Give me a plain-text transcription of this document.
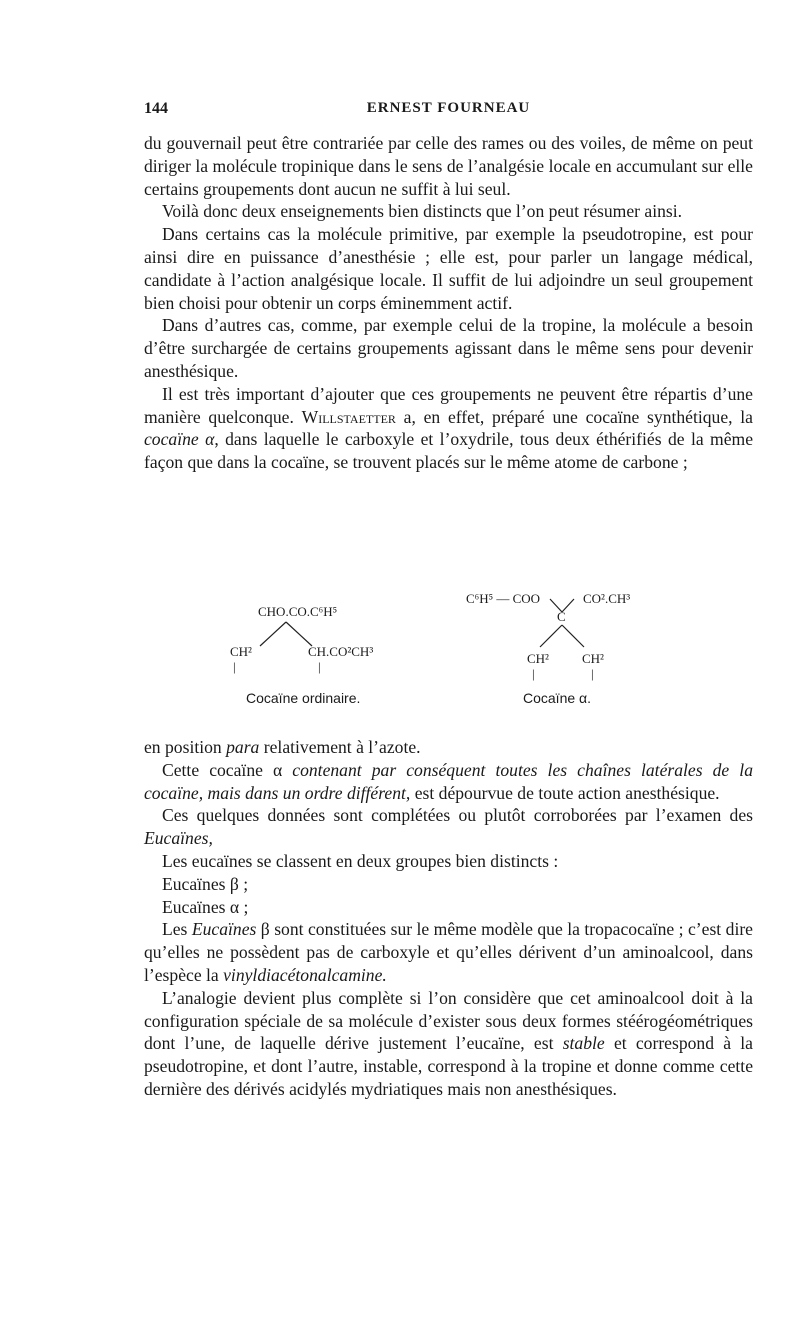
144	ERNEST FOURNEAU

du gouvernail peut être contrariée par celle des rames ou des voiles, de même on peut diriger la molécule tropinique dans le sens de l’analgésie locale en accumulant sur elle certains groupements dont aucun ne suffit à lui seul.

Voilà donc deux enseignements bien distincts que l’on peut résumer ainsi.

Dans certains cas la molécule primitive, par exemple la pseudotropine, est pour ainsi dire en puissance d’anesthésie ; elle est, pour parler un langage médical, candidate à l’action analgésique locale. Il suffit de lui adjoindre un seul groupement bien choisi pour obtenir un corps éminemment actif.

Dans d’autres cas, comme, par exemple celui de la tropine, la molécule a besoin d’être surchargée de certains groupements agissant dans le même sens pour devenir anesthésique.

Il est très important d’ajouter que ces groupements ne peuvent être répartis d’une manière quelconque. Willstaetter a, en effet, préparé une cocaïne synthétique, la cocaïne α, dans laquelle le carboxyle et l’oxydrile, tous deux éthérifiés de la même façon que dans la cocaïne, se trouvent placés sur le même atome de carbone ;

CHO.CO.C⁶H⁵
CH²	CH.CO²CH³
|	|
Cocaïne ordinaire.
C⁶H⁵ — COO	CO².CH³
C
CH²	CH²
|	|
Cocaïne α.

en position para relativement à l’azote.

Cette cocaïne α contenant par conséquent toutes les chaînes latérales de la cocaïne, mais dans un ordre différent, est dépourvue de toute action anesthésique.

Ces quelques données sont complétées ou plutôt corroborées par l’examen des Eucaïnes,

Les eucaïnes se classent en deux groupes bien distincts :

Eucaïnes β ;

Eucaïnes α ;

Les Eucaïnes β sont constituées sur le même modèle que la tropacocaïne ; c’est dire qu’elles ne possèdent pas de carboxyle et qu’elles dérivent d’un aminoalcool, dans l’espèce la vinyldiacétonalcamine.

L’analogie devient plus complète si l’on considère que cet aminoalcool doit à la configuration spéciale de sa molécule d’exister sous deux formes stéérogéométriques dont l’une, de laquelle dérive justement l’eucaïne, est stable et correspond à la pseudotropine, et dont l’autre, instable, correspond à la tropine et donne comme cette dernière des dérivés acidylés mydriatiques mais non anesthésiques.
